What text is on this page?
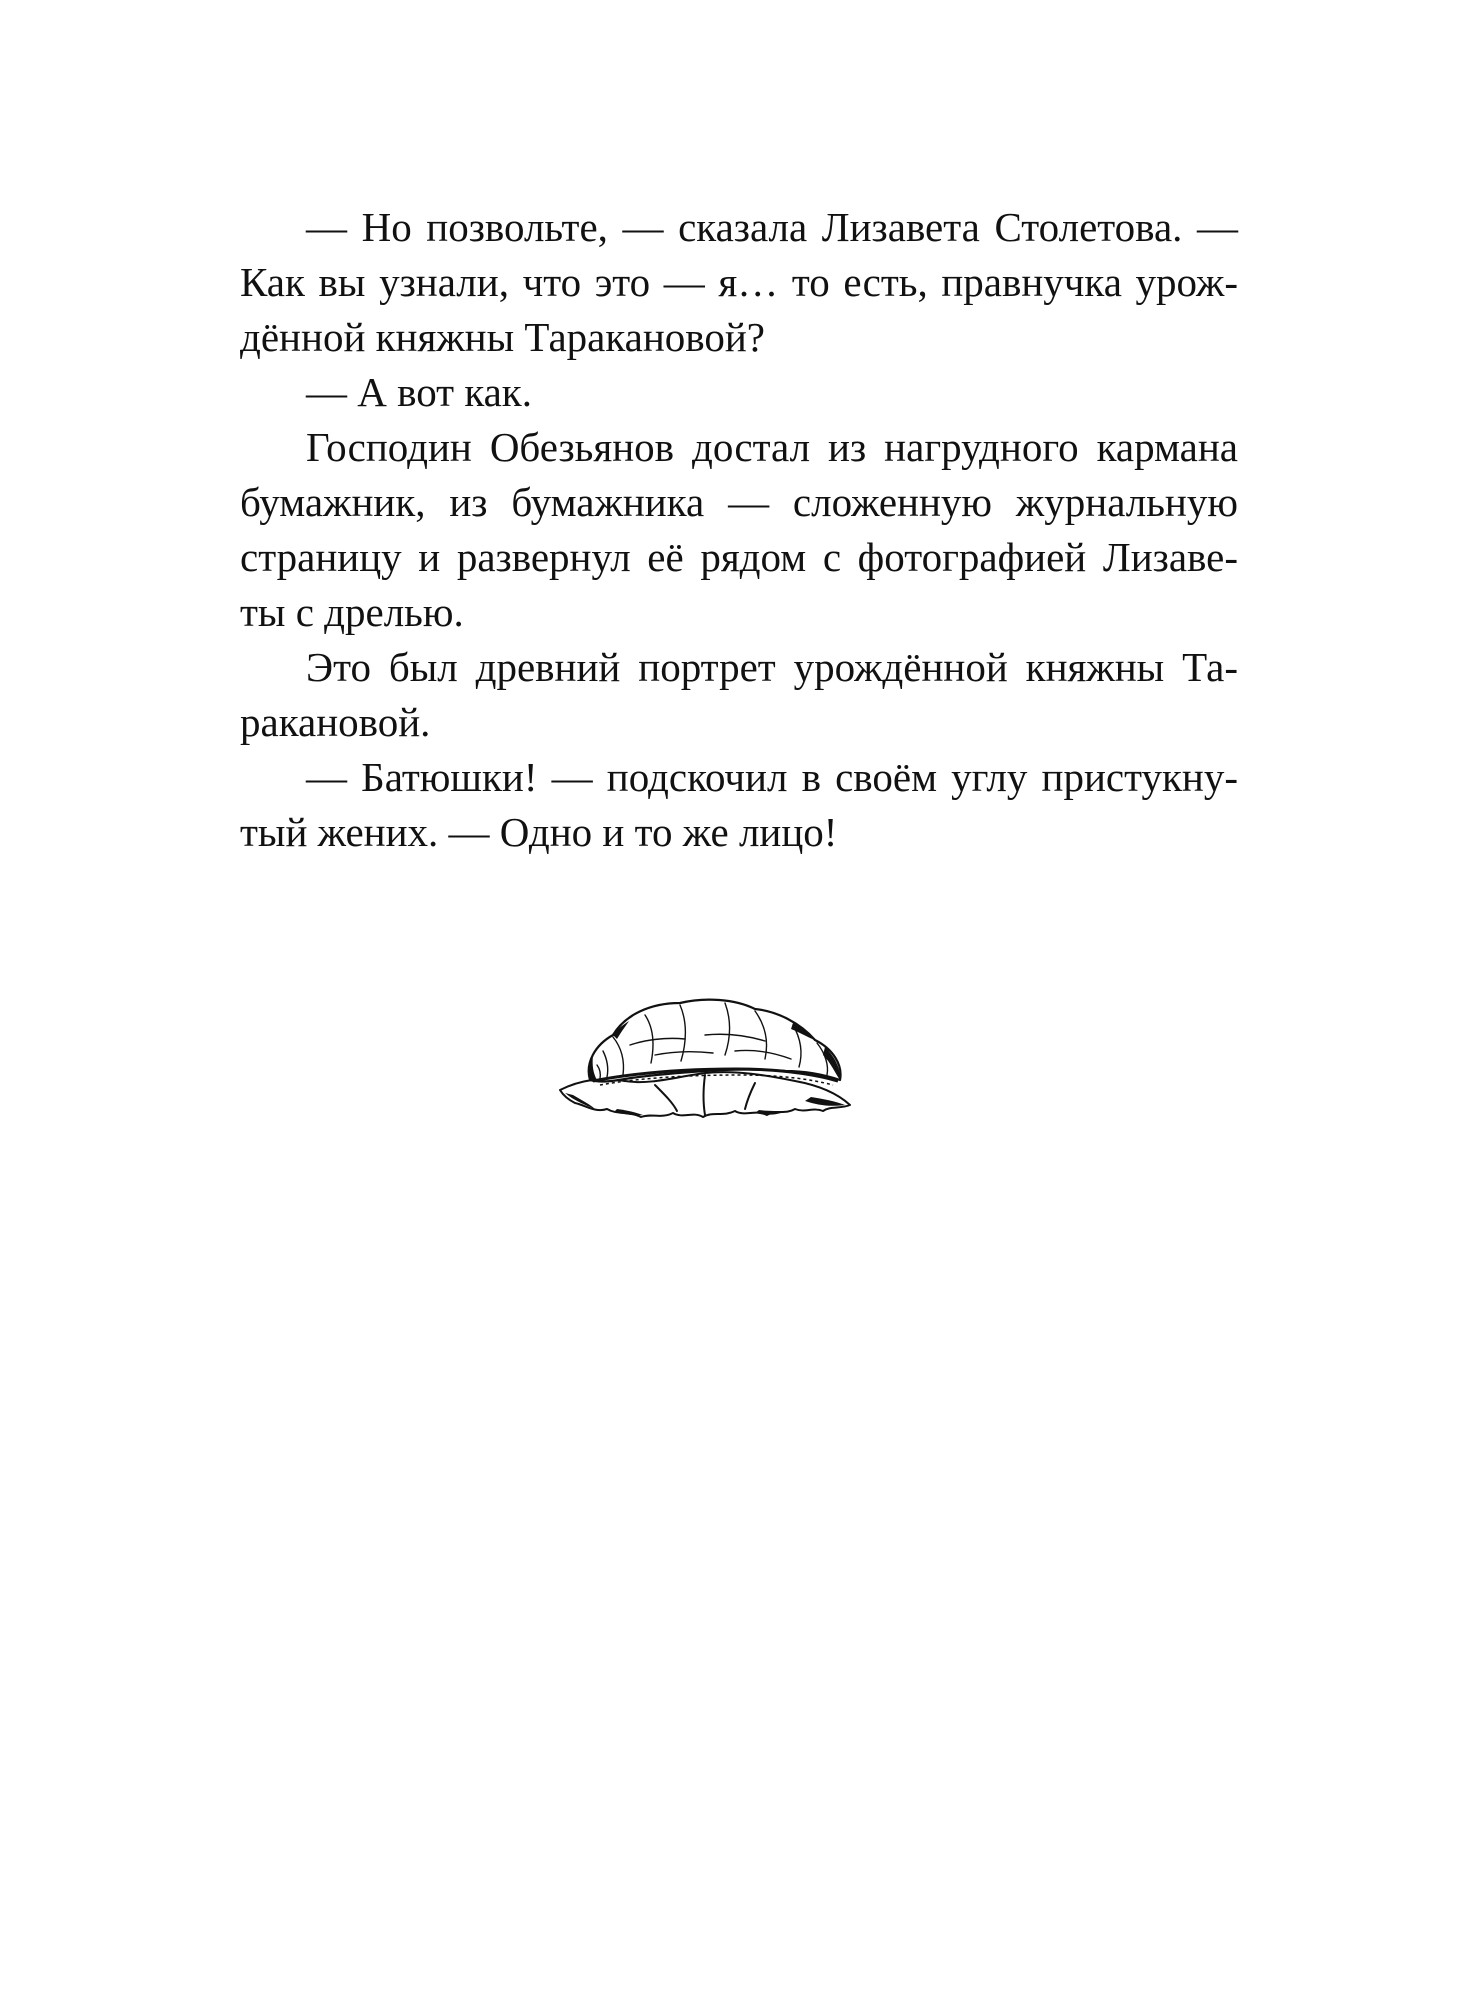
— Но позвольте, — сказала Лизавета Столетова. —
Как вы узнали, что это — я… то есть, правнучка урож-
дённой княжны Таракановой?
— А вот как.
Господин Обезьянов достал из нагрудного кармана
бумажник, из бумажника — сложенную журнальную
страницу и развернул её рядом с фотографией Лизаве-
ты с дрелью.
Это был древний портрет урождённой княжны Та-
ракановой.
— Батюшки! — подскочил в своём углу пристукну-
тый жених. — Одно и то же лицо!
